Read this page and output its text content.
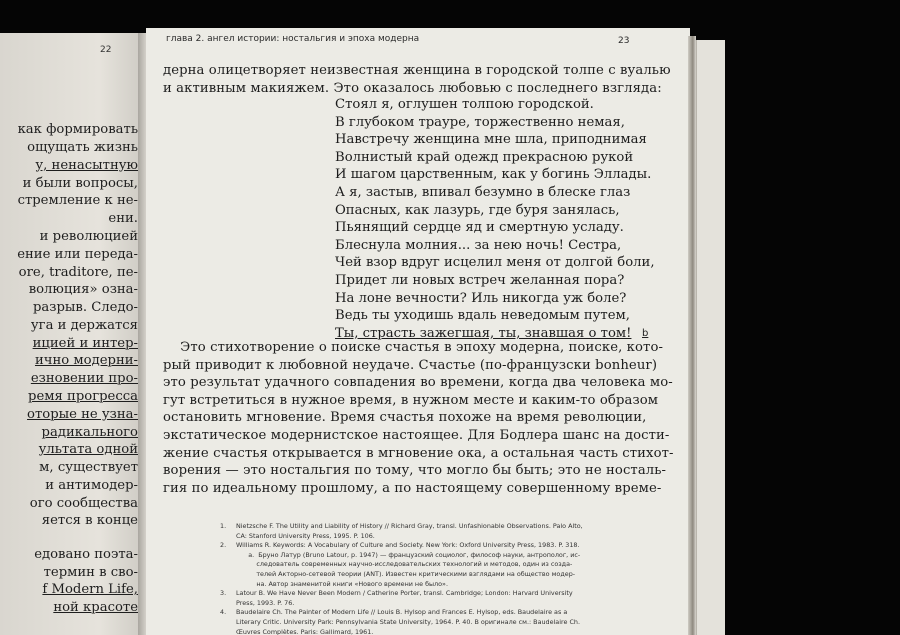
22
как формировать
ощущать жизнь
у, ненасытную
и были вопросы,
стремление к не-
ени.
и революцией
ение или переда-
ore, traditore, пе-
волюция» озна-
разрыв. Следо-
уга и держатся
ицией и интер-
ично модерни-
езновении про-
ремя прогресса
оторые не узна-
радикального
ультата одной
м, существует
и антимодер-
ого сообщества
яется в конце
едовано поэта-
термин в сво-
f Modern Life,
ной красоте
глава 2. ангел истории: ностальгия и эпоха модерна	23
дерна олицетворяет неизвестная женщина в городской толпе с вуалью
и активным макияжем. Это оказалось любовью с последнего взгляда:
Стоял я, оглушен толпою городской.
В глубоком трауре, торжественно немая,
Навстречу женщина мне шла, приподнимая
Волнистый край одежд прекрасною рукой
И шагом царственным, как у богинь Эллады.
А я, застыв, впивал безумно в блеске глаз
Опасных, как лазурь, где буря занялась,
Пьянящий сердце яд и смертную усладу.
Блеснула молния... за нею ночь! Сестра,
Чей взор вдруг исцелил меня от долгой боли,
Придет ли новых встреч желанная пора?
На лоне вечности? Иль никогда уж боле?
Ведь ты уходишь вдаль неведомым путем,
Ты, страсть зажегшая, ты, знавшая о том!
Это стихотворение о поиске счастья в эпоху модерна, поиске, кото-
рый приводит к любовной неудаче. Счастье (по-французски bonheur)
это результат удачного совпадения во времени, когда два человека мо-
гут встретиться в нужное время, в нужном месте и каким-то образом
остановить мгновение. Время счастья похоже на время революции,
экстатическое модернистское настоящее. Для Бодлера шанс на дости-
жение счастья открывается в мгновение ока, а остальная часть стихот-
ворения — это ностальгия по тому, что могло бы быть; это не носталь-
гия по идеальному прошлому, а по настоящему совершенному време-
b
1. Nietzsche F. The Utility and Liability of History // Richard Gray, transl. Unfashionable Observations. Palo Alto,
CA: Stanford University Press, 1995. P. 106.
2. Williams R. Keywords: A Vocabulary of Culture and Society. New York: Oxford University Press, 1983. P. 318.
a.  Бруно Латур (Bruno Latour, p. 1947) — французский социолог, философ науки, антрополог, ис-
следователь современных научно-исследовательских технологий и методов, один из созда-
телей Акторно-сетевой теории (ANT). Известен критическими взглядами на общество модер-
на. Автор знаменитой книги «Нового времени не было».
3. Latour B. We Have Never Been Modern / Catherine Porter, transl. Cambridge; London: Harvard University
Press, 1993. P. 76.
4. Baudelaire Ch. The Painter of Modern Life // Louis B. Hylsop and Frances E. Hylsop, eds. Baudelaire as a
Literary Critic. University Park: Pennsylvania State University, 1964. P. 40. В оригинале см.: Baudelaire Ch.
Œuvres Complètes. Paris: Gallimard, 1961.
